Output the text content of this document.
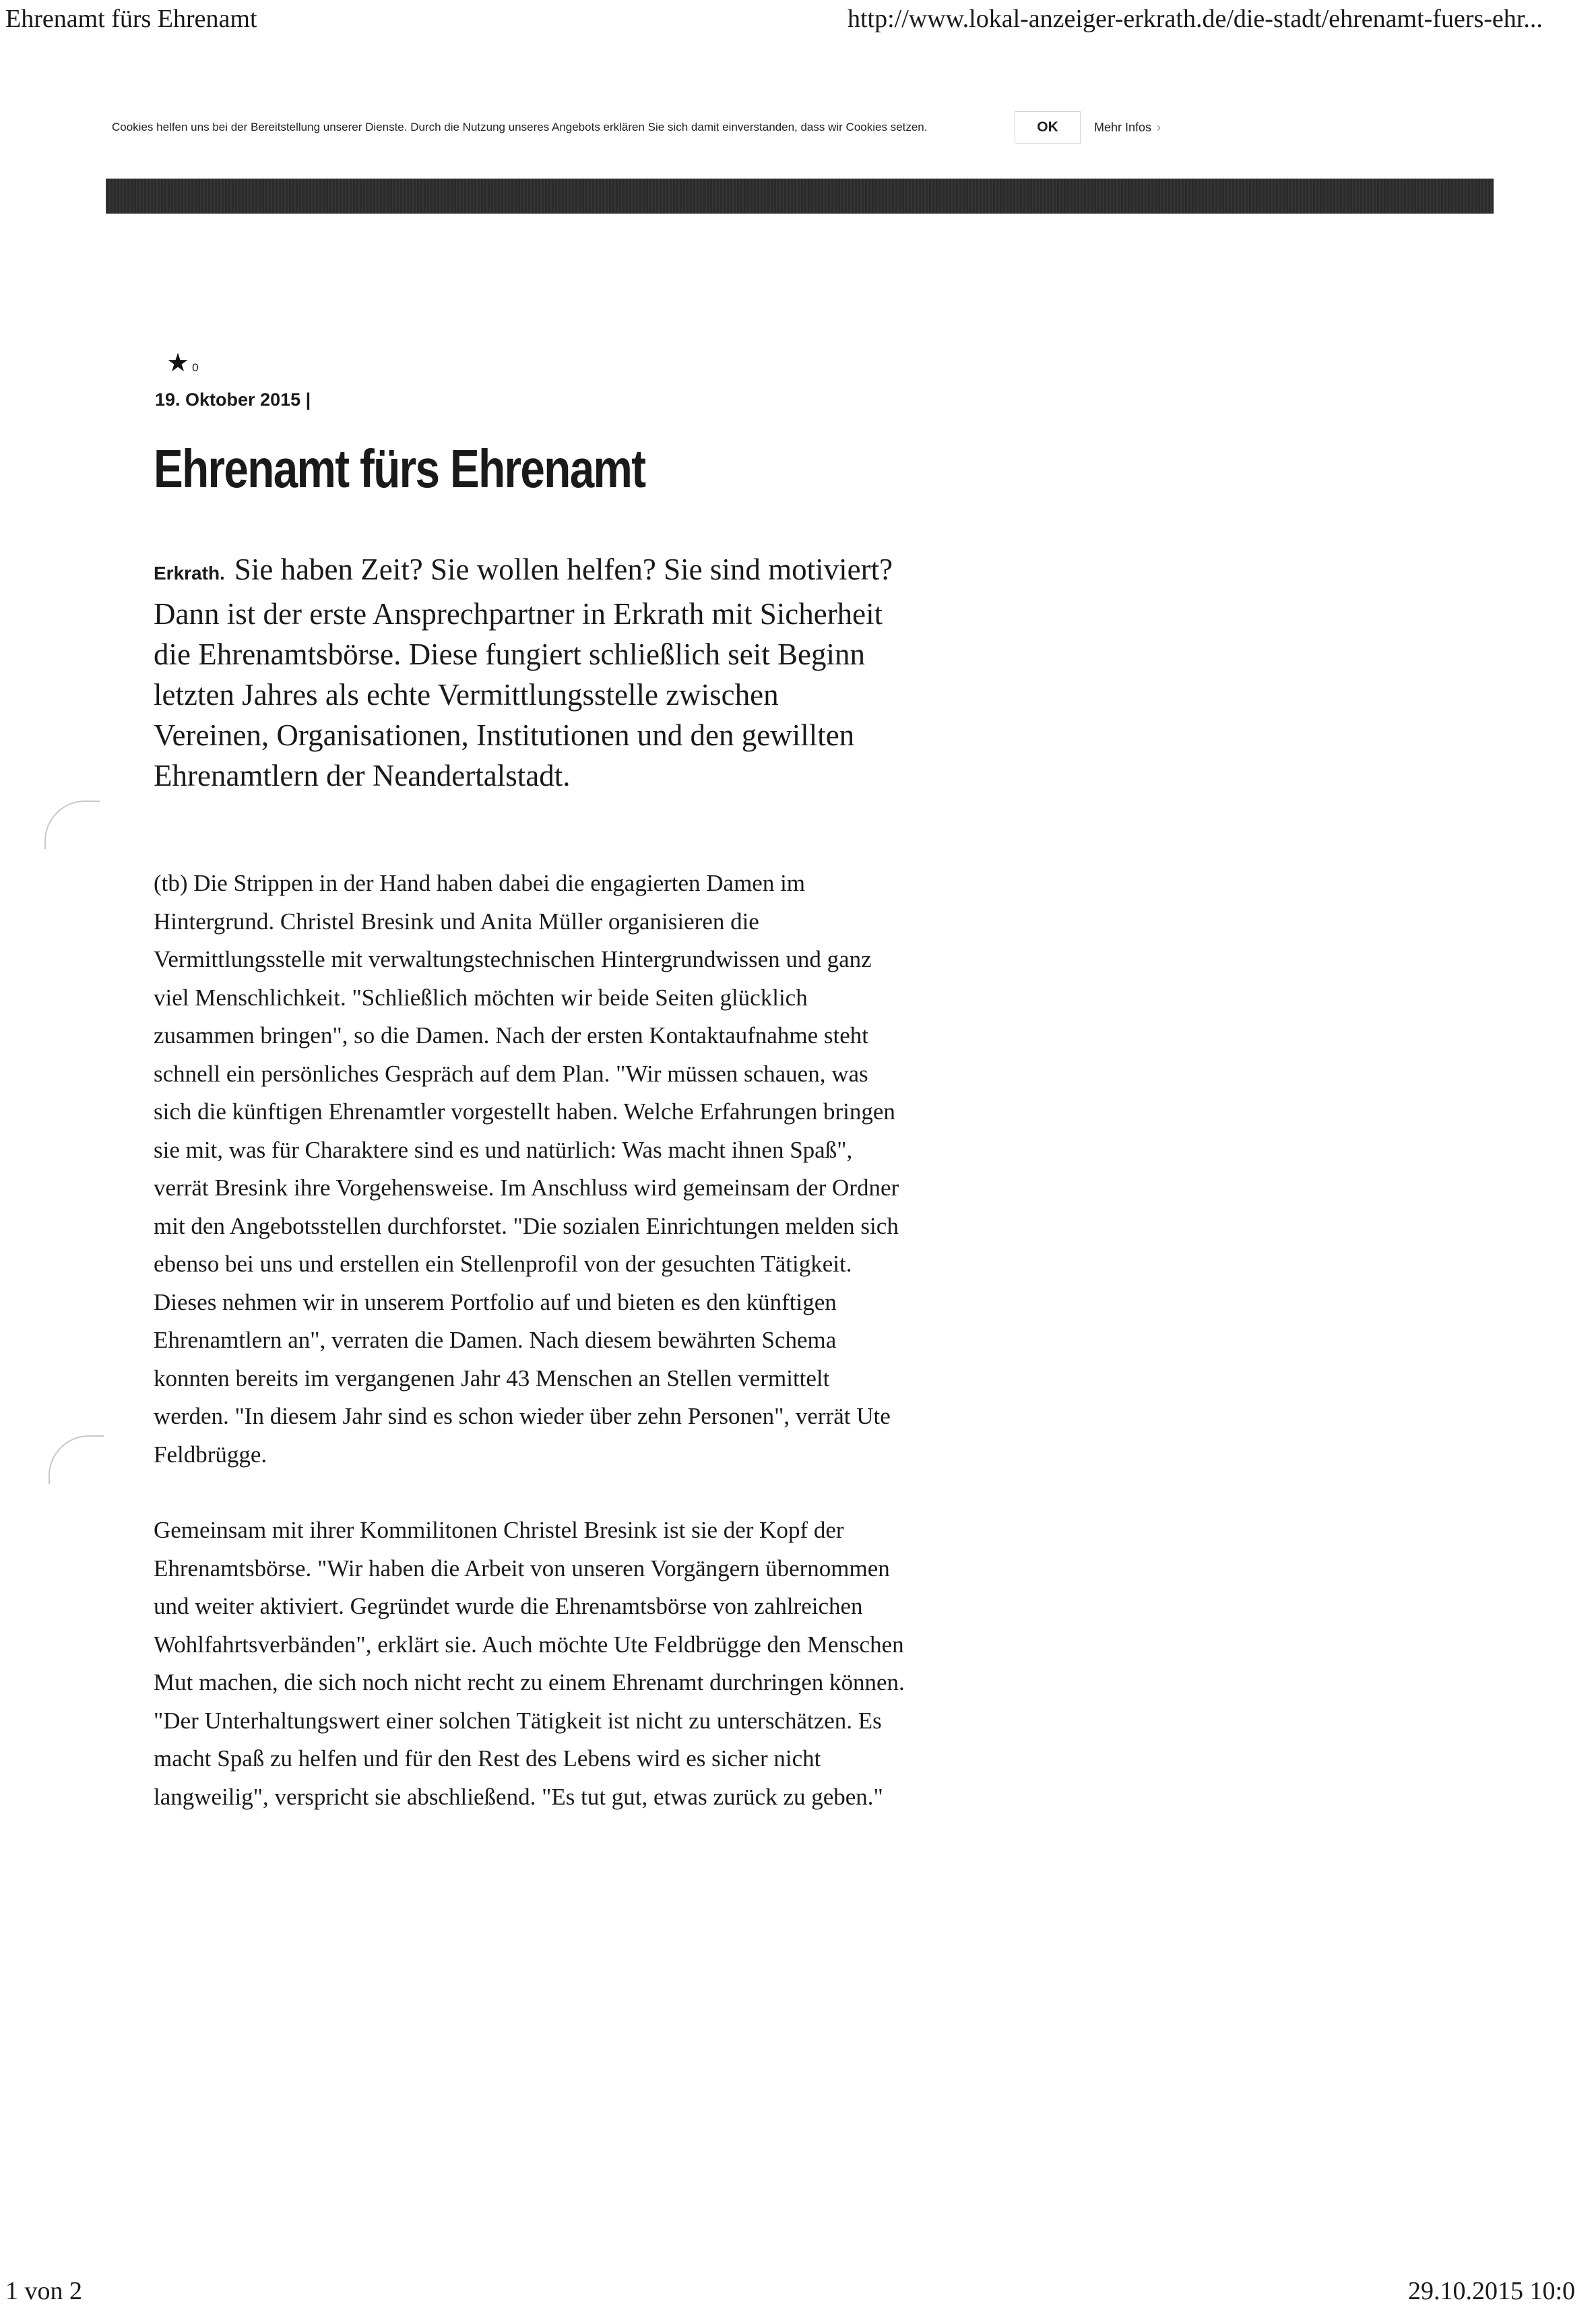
Ehrenamt fürs Ehrenamt	http://www.lokal-anzeiger-erkrath.de/die-stadt/ehrenamt-fuers-ehr...
Cookies helfen uns bei der Bereitstellung unserer Dienste. Durch die Nutzung unseres Angebots erklären Sie sich damit einverstanden, dass wir Cookies setzen.	OK	Mehr Infos ›
★ 0
19. Oktober 2015 |
Ehrenamt fürs Ehrenamt

Erkrath. Sie haben Zeit? Sie wollen helfen? Sie sind motiviert? Dann ist der erste Ansprechpartner in Erkrath mit Sicherheit die Ehrenamtsbörse. Diese fungiert schließlich seit Beginn letzten Jahres als echte Vermittlungsstelle zwischen Vereinen, Organisationen, Institutionen und den gewillten Ehrenamtlern der Neandertalstadt.

(tb) Die Strippen in der Hand haben dabei die engagierten Damen im Hintergrund. Christel Bresink und Anita Müller organisieren die Vermittlungsstelle mit verwaltungstechnischen Hintergrundwissen und ganz viel Menschlichkeit. "Schließlich möchten wir beide Seiten glücklich zusammen bringen", so die Damen. Nach der ersten Kontaktaufnahme steht schnell ein persönliches Gespräch auf dem Plan. "Wir müssen schauen, was sich die künftigen Ehrenamtler vorgestellt haben. Welche Erfahrungen bringen sie mit, was für Charaktere sind es und natürlich: Was macht ihnen Spaß", verrät Bresink ihre Vorgehensweise. Im Anschluss wird gemeinsam der Ordner mit den Angebotsstellen durchforstet. "Die sozialen Einrichtungen melden sich ebenso bei uns und erstellen ein Stellenprofil von der gesuchten Tätigkeit. Dieses nehmen wir in unserem Portfolio auf und bieten es den künftigen Ehrenamtlern an", verraten die Damen. Nach diesem bewährten Schema konnten bereits im vergangenen Jahr 43 Menschen an Stellen vermittelt werden. "In diesem Jahr sind es schon wieder über zehn Personen", verrät Ute Feldbrügge.

Gemeinsam mit ihrer Kommilitonen Christel Bresink ist sie der Kopf der Ehrenamtsbörse. "Wir haben die Arbeit von unseren Vorgängern übernommen und weiter aktiviert. Gegründet wurde die Ehrenamtsbörse von zahlreichen Wohlfahrtsverbänden", erklärt sie. Auch möchte Ute Feldbrügge den Menschen Mut machen, die sich noch nicht recht zu einem Ehrenamt durchringen können. "Der Unterhaltungswert einer solchen Tätigkeit ist nicht zu unterschätzen. Es macht Spaß zu helfen und für den Rest des Lebens wird es sicher nicht langweilig", verspricht sie abschließend. "Es tut gut, etwas zurück zu geben."

1 von 2	29.10.2015 10:0
